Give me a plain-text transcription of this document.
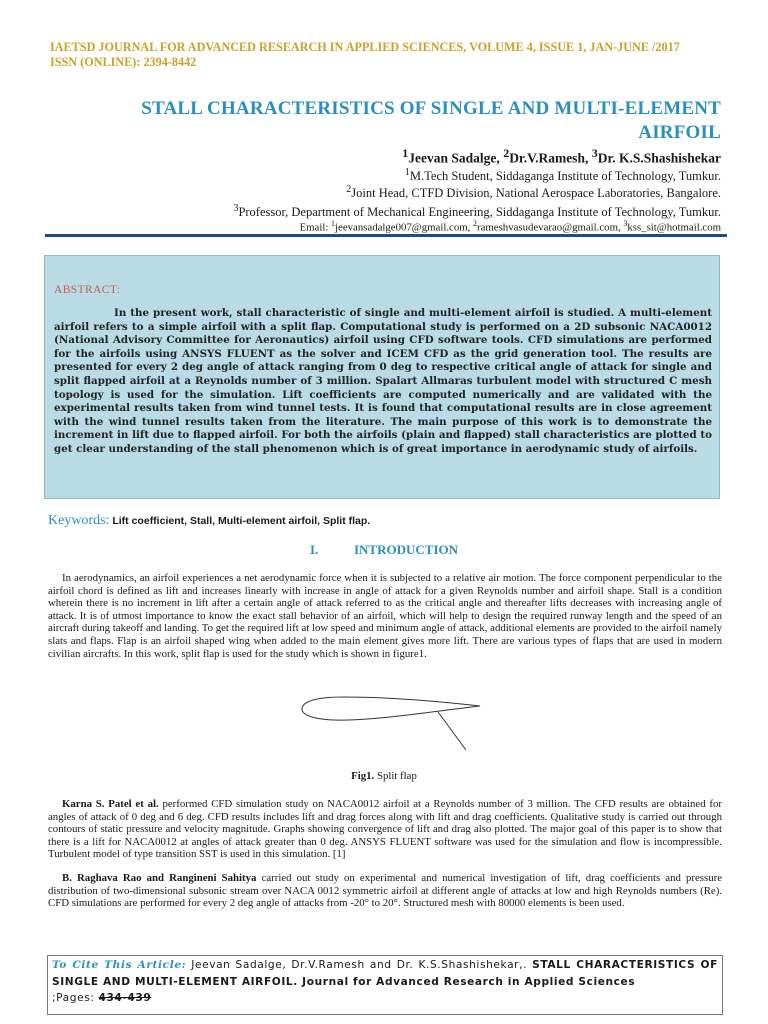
IAETSD JOURNAL FOR ADVANCED RESEARCH IN APPLIED SCIENCES, VOLUME 4, ISSUE 1, JAN-JUNE /2017
ISSN (ONLINE): 2394-8442
STALL CHARACTERISTICS OF SINGLE AND MULTI-ELEMENT
AIRFOIL
$^1$Jeevan Sadalge, $^2$Dr.V.Ramesh, $^3$Dr. K.S.Shashishekar
$^1$M.Tech Student, Siddaganga Institute of Technology, Tumkur.
$^2$Joint Head, CTFD Division, National Aerospace Laboratories, Bangalore.
$^3$Professor, Department of Mechanical Engineering, Siddaganga Institute of Technology, Tumkur.
Email: $^1$jeevansadalge007@gmail.com, $^2$rameshvasudevarao@gmail.com, $^3$kss_sit@hotmail.com
ABSTRACT:
In the present work, stall characteristic of single and multi-element airfoil is studied. A multi-element airfoil refers to a simple airfoil with a split flap. Computational study is performed on a 2D subsonic NACA0012 (National Advisory Committee for Aeronautics) airfoil using CFD software tools. CFD simulations are performed for the airfoils using ANSYS FLUENT as the solver and ICEM CFD as the grid generation tool. The results are presented for every 2 deg angle of attack ranging from 0 deg to respective critical angle of attack for single and split flapped airfoil at a Reynolds number of 3 million. Spalart Allmaras turbulent model with structured C mesh topology is used for the simulation. Lift coefficients are computed numerically and are validated with the experimental results taken from wind tunnel tests. It is found that computational results are in close agreement with the wind tunnel results taken from the literature. The main purpose of this work is to demonstrate the increment in lift due to flapped airfoil. For both the airfoils (plain and flapped) stall characteristics are plotted to get clear understanding of the stall phenomenon which is of great importance in aerodynamic study of airfoils.
Keywords: Lift coefficient, Stall, Multi-element airfoil, Split flap.
I.	INTRODUCTION
In aerodynamics, an airfoil experiences a net aerodynamic force when it is subjected to a relative air motion. The force component perpendicular to the airfoil chord is defined as lift and increases linearly with increase in angle of attack for a given Reynolds number and airfoil shape. Stall is a condition wherein there is no increment in lift after a certain angle of attack referred to as the critical angle and thereafter lifts decreases with increasing angle of attack. It is of utmost importance to know the exact stall behavior of an airfoil, which will help to design the required runway length and the speed of an aircraft during takeoff and landing. To get the required lift at low speed and minimum angle of attack, additional elements are provided to the airfoil namely slats and flaps. Flap is an airfoil shaped wing when added to the main element gives more lift. There are various types of flaps that are used in modern civilian aircrafts. In this work, split flap is used for the study which is shown in figure1.
Fig1. Split flap
Karna S. Patel et al. performed CFD simulation study on NACA0012 airfoil at a Reynolds number of 3 million. The CFD results are obtained for angles of attack of 0 deg and 6 deg. CFD results includes lift and drag forces along with lift and drag coefficients. Qualitative study is carried out through contours of static pressure and velocity magnitude. Graphs showing convergence of lift and drag also plotted. The major goal of this paper is to show that there is a lift for NACA0012 at angles of attack greater than 0 deg. ANSYS FLUENT software was used for the simulation and flow is incompressible. Turbulent model of type transition SST is used in this simulation. [1]
B. Raghava Rao and Rangineni Sahitya carried out study on experimental and numerical investigation of lift, drag coefficients and pressure distribution of two-dimensional subsonic stream over NACA 0012 symmetric airfoil at different angle of attacks at low and high Reynolds numbers (Re). CFD simulations are performed for every 2 deg angle of attacks from -20° to 20°. Structured mesh with 80000 elements is been used.
To Cite This Article: Jeevan Sadalge, Dr.V.Ramesh and Dr. K.S.Shashishekar,. STALL CHARACTERISTICS OF SINGLE AND MULTI-ELEMENT AIRFOIL. Journal for Advanced Research in Applied Sciences
;Pages: 434-439
